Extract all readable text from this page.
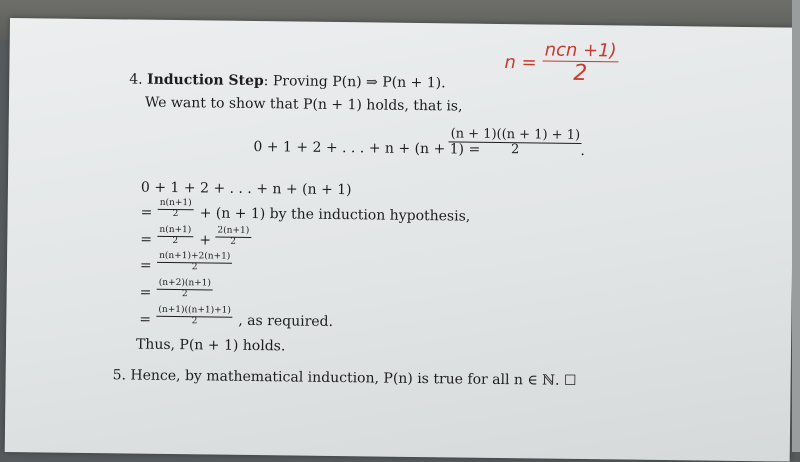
n =
ncn +1)
2
4. Induction Step: Proving P(n) ⇒ P(n + 1).
We want to show that P(n + 1) holds, that is,
0 + 1 + 2 + . . . + n + (n + 1) =
$\frac{(n + 1)((n + 1) + 1)}{2}$
.
0 + 1 + 2 + . . . + n + (n + 1)
= $\frac{n(n+1)}{2} + (n + 1)$ by the induction hypothesis,
= $\frac{n(n+1)}{2} + \frac{2(n+1)}{2}$
= $\frac{n(n+1)+2(n+1)}{2}$
= $\frac{(n+2)(n+1)}{2}$
= $\frac{(n+1)((n+1)+1)}{2}$ , as required.
Thus, P(n + 1) holds.
5. Hence, by mathematical induction, P(n) is true for all n ∈ ℕ. ☐
